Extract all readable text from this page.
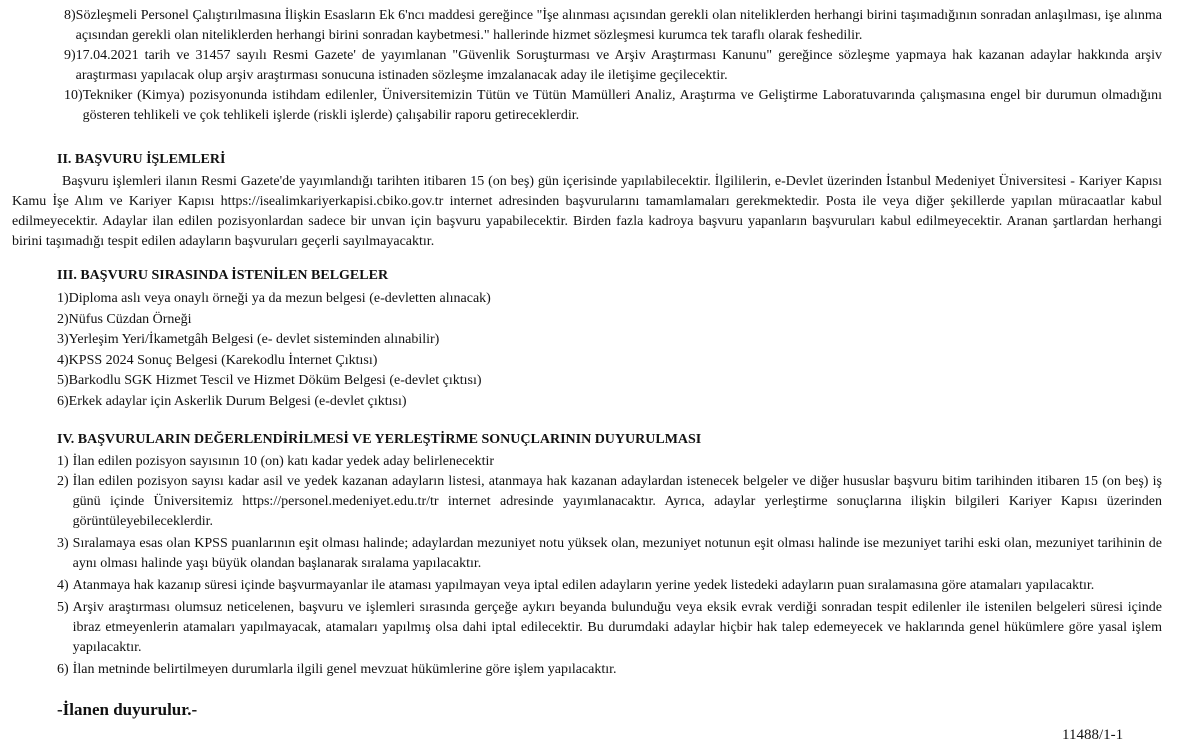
8) Sözleşmeli Personel Çalıştırılmasına İlişkin Esasların Ek 6'ncı maddesi gereğince "İşe alınması açısından gerekli olan niteliklerden herhangi birini taşımadığının sonradan anlaşılması, işe alınma açısından gerekli olan niteliklerden herhangi birini sonradan kaybetmesi." hallerinde hizmet sözleşmesi kurumca tek taraflı olarak feshedilir.
9) 17.04.2021 tarih ve 31457 sayılı Resmi Gazete' de yayımlanan "Güvenlik Soruşturması ve Arşiv Araştırması Kanunu" gereğince sözleşme yapmaya hak kazanan adaylar hakkında arşiv araştırması yapılacak olup arşiv araştırması sonucuna istinaden sözleşme imzalanacak aday ile iletişime geçilecektir.
10) Tekniker (Kimya) pozisyonunda istihdam edilenler, Üniversitemizin Tütün ve Tütün Mamülleri Analiz, Araştırma ve Geliştirme Laboratuvarında çalışmasına engel bir durumun olmadığını gösteren tehlikeli ve çok tehlikeli işlerde (riskli işlerde) çalışabilir raporu getireceklerdir.
II. BAŞVURU İŞLEMLERİ

Başvuru işlemleri ilanın Resmi Gazete'de yayımlandığı tarihten itibaren 15 (on beş) gün içerisinde yapılabilecektir. İlgililerin, e-Devlet üzerinden İstanbul Medeniyet Üniversitesi - Kariyer Kapısı Kamu İşe Alım ve Kariyer Kapısı https://isealimkariyerkapisi.cbiko.gov.tr internet adresinden başvurularını tamamlamaları gerekmektedir. Posta ile veya diğer şekillerde yapılan müracaatlar kabul edilmeyecektir. Adaylar ilan edilen pozisyonlardan sadece bir unvan için başvuru yapabilecektir. Birden fazla kadroya başvuru yapanların başvuruları kabul edilmeyecektir. Aranan şartlardan herhangi birini taşımadığı tespit edilen adayların başvuruları geçerli sayılmayacaktır.

III. BAŞVURU SIRASINDA İSTENİLEN BELGELER
1) Diploma aslı veya onaylı örneği ya da mezun belgesi (e-devletten alınacak)
2) Nüfus Cüzdan Örneği
3) Yerleşim Yeri/İkametgâh Belgesi (e- devlet sisteminden alınabilir)
4) KPSS 2024 Sonuç Belgesi (Karekodlu İnternet Çıktısı)
5) Barkodlu SGK Hizmet Tescil ve Hizmet Döküm Belgesi (e-devlet çıktısı)
6) Erkek adaylar için Askerlik Durum Belgesi (e-devlet çıktısı)
IV. BAŞVURULARIN DEĞERLENDİRİLMESİ VE YERLEŞTİRME SONUÇLARININ DUYURULMASI
1) İlan edilen pozisyon sayısının 10 (on) katı kadar yedek aday belirlenecektir
2) İlan edilen pozisyon sayısı kadar asil ve yedek kazanan adayların listesi, atanmaya hak kazanan adaylardan istenecek belgeler ve diğer hususlar başvuru bitim tarihinden itibaren 15 (on beş) iş günü içinde Üniversitemiz https://personel.medeniyet.edu.tr/tr internet adresinde yayımlanacaktır. Ayrıca, adaylar yerleştirme sonuçlarına ilişkin bilgileri Kariyer Kapısı üzerinden görüntüleyebileceklerdir.
3) Sıralamaya esas olan KPSS puanlarının eşit olması halinde; adaylardan mezuniyet notu yüksek olan, mezuniyet notunun eşit olması halinde ise mezuniyet tarihi eski olan, mezuniyet tarihinin de aynı olması halinde yaşı büyük olandan başlanarak sıralama yapılacaktır.
4) Atanmaya hak kazanıp süresi içinde başvurmayanlar ile ataması yapılmayan veya iptal edilen adayların yerine yedek listedeki adayların puan sıralamasına göre atamaları yapılacaktır.
5) Arşiv araştırması olumsuz neticelenen, başvuru ve işlemleri sırasında gerçeğe aykırı beyanda bulunduğu veya eksik evrak verdiği sonradan tespit edilenler ile istenilen belgeleri süresi içinde ibraz etmeyenlerin atamaları yapılmayacak, atamaları yapılmış olsa dahi iptal edilecektir. Bu durumdaki adaylar hiçbir hak talep edemeyecek ve haklarında genel hükümlere göre yasal işlem yapılacaktır.
6) İlan metninde belirtilmeyen durumlarla ilgili genel mevzuat hükümlerine göre işlem yapılacaktır.
-İlanen duyurulur.-
11488/1-1
